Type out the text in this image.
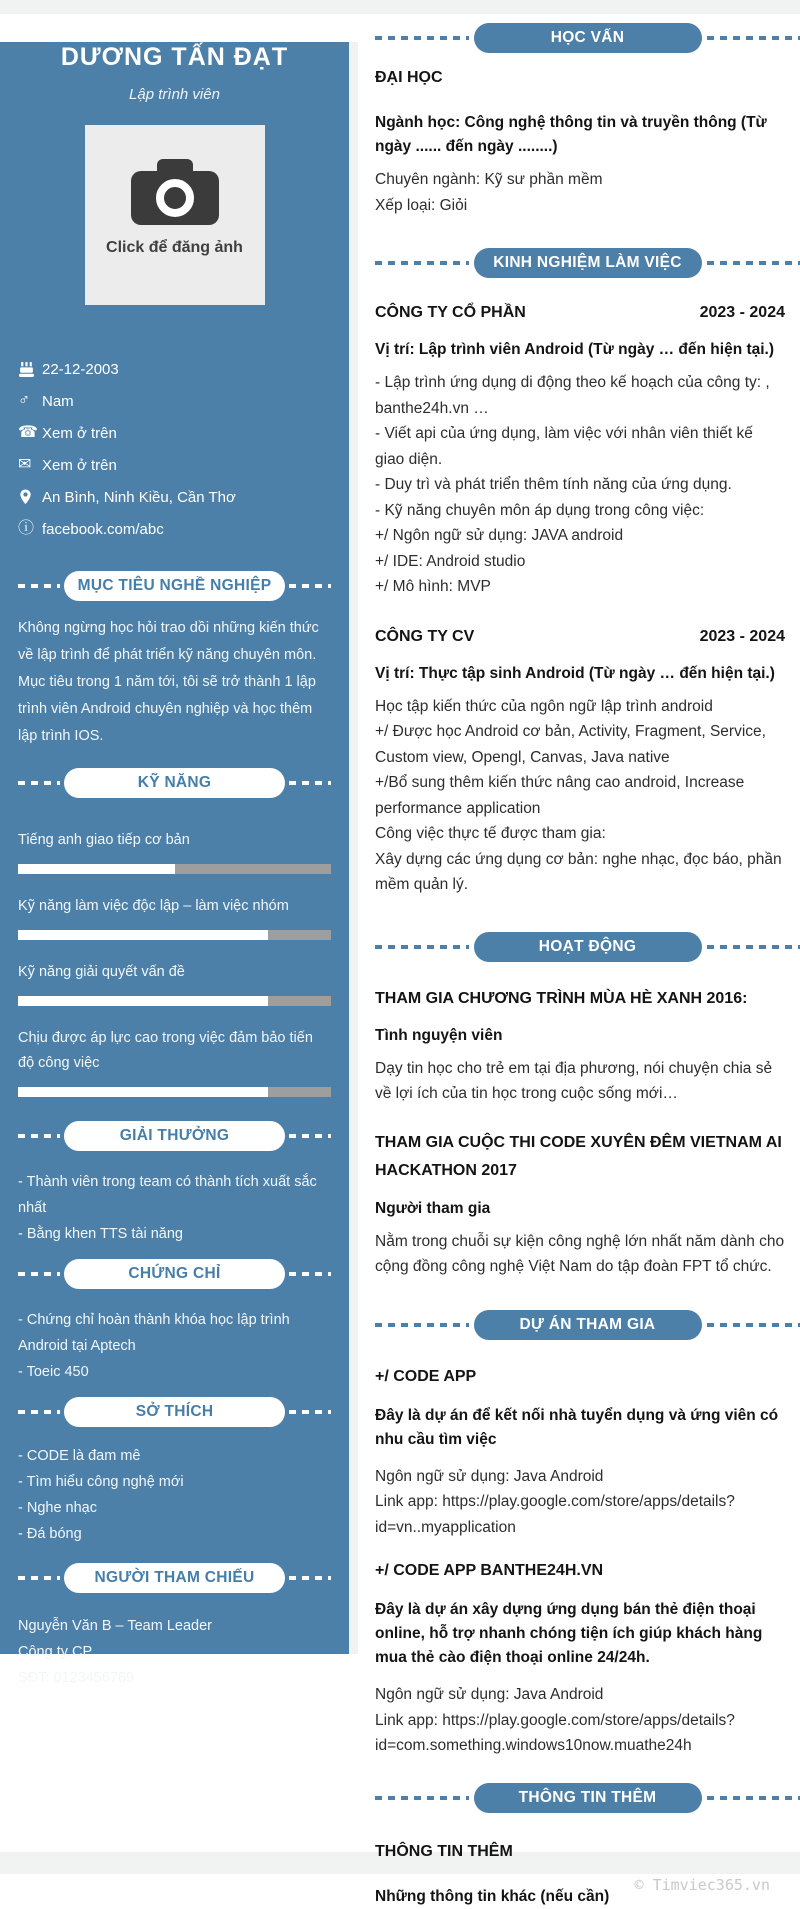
DƯƠNG TẤN ĐẠT
Lập trình viên
Click để đăng ảnh
22-12-2003
♂ Nam
☎ Xem ở trên
✉ Xem ở trên
An Bình, Ninh Kiều, Cần Thơ
ⓘ facebook.com/abc
MỤC TIÊU NGHỀ NGHIỆP

Không ngừng học hỏi trao dồi những kiến thức về lập trình để phát triển kỹ năng chuyên môn. Mục tiêu trong 1 năm tới, tôi sẽ trở thành 1 lập trình viên Android chuyên nghiệp và học thêm lập trình IOS.

KỸ NĂNG
Tiếng anh giao tiếp cơ bản
Kỹ năng làm việc độc lập – làm việc nhóm
Kỹ năng giải quyết vấn đề
Chịu được áp lực cao trong việc đảm bảo tiến độ công việc
GIẢI THƯỞNG
- Thành viên trong team có thành tích xuất sắc nhất
- Bằng khen TTS tài năng
CHỨNG CHỈ
- Chứng chỉ hoàn thành khóa học lập trình Android tại Aptech
- Toeic 450
SỞ THÍCH
- CODE là đam mê
- Tìm hiểu công nghệ mới
- Nghe nhạc
- Đá bóng
NGƯỜI THAM CHIẾU
Nguyễn Văn B – Team Leader
Công ty CP
SĐT: 0123456789
HỌC VẤN
ĐẠI HỌC
Ngành học: Công nghệ thông tin và truyền thông (Từ ngày ...... đến ngày ........)
Chuyên ngành: Kỹ sư phần mềm
Xếp loại: Giỏi
KINH NGHIỆM LÀM VIỆC
CÔNG TY CỔ PHẦN	2023 - 2024
Vị trí: Lập trình viên Android (Từ ngày … đến hiện tại.)
- Lập trình ứng dụng di động theo kế hoạch của công ty: , banthe24h.vn …
- Viết api của ứng dụng, làm việc với nhân viên thiết kế giao diện.
- Duy trì và phát triển thêm tính năng của ứng dụng.
- Kỹ năng chuyên môn áp dụng trong công việc:
+/ Ngôn ngữ sử dụng: JAVA android
+/ IDE: Android studio
+/ Mô hình: MVP
CÔNG TY CV	2023 - 2024
Vị trí: Thực tập sinh Android (Từ ngày … đến hiện tại.)
Học tập kiến thức của ngôn ngữ lập trình android
+/ Được học Android cơ bản, Activity, Fragment, Service, Custom view, Opengl, Canvas, Java native
+/Bổ sung thêm kiến thức nâng cao android, Increase performance application
Công việc thực tế được tham gia:
Xây dựng các ứng dụng cơ bản: nghe nhạc, đọc báo, phần mềm quản lý.
HOẠT ĐỘNG
THAM GIA CHƯƠNG TRÌNH MÙA HÈ XANH 2016:
Tình nguyện viên
Dạy tin học cho trẻ em tại địa phương, nói chuyện chia sẻ về lợi ích của tin học trong cuộc sống mới…
THAM GIA CUỘC THI CODE XUYÊN ĐÊM VIETNAM AI HACKATHON 2017
Người tham gia
Nằm trong chuỗi sự kiện công nghệ lớn nhất năm dành cho cộng đồng công nghệ Việt Nam do tập đoàn FPT tổ chức.
DỰ ÁN THAM GIA
+/ CODE APP
Đây là dự án để kết nối nhà tuyển dụng và ứng viên có nhu cầu tìm việc
Ngôn ngữ sử dụng: Java Android
Link app: https://play.google.com/store/apps/details?id=vn..myapplication
+/ CODE APP BANTHE24H.VN
Đây là dự án xây dựng ứng dụng bán thẻ điện thoại online, hỗ trợ nhanh chóng tiện ích giúp khách hàng mua thẻ cào điện thoại online 24/24h.
Ngôn ngữ sử dụng: Java Android
Link app: https://play.google.com/store/apps/details?id=com.something.windows10now.muathe24h
THÔNG TIN THÊM
THÔNG TIN THÊM
Những thông tin khác (nếu cần)
© Timviec365.vn
